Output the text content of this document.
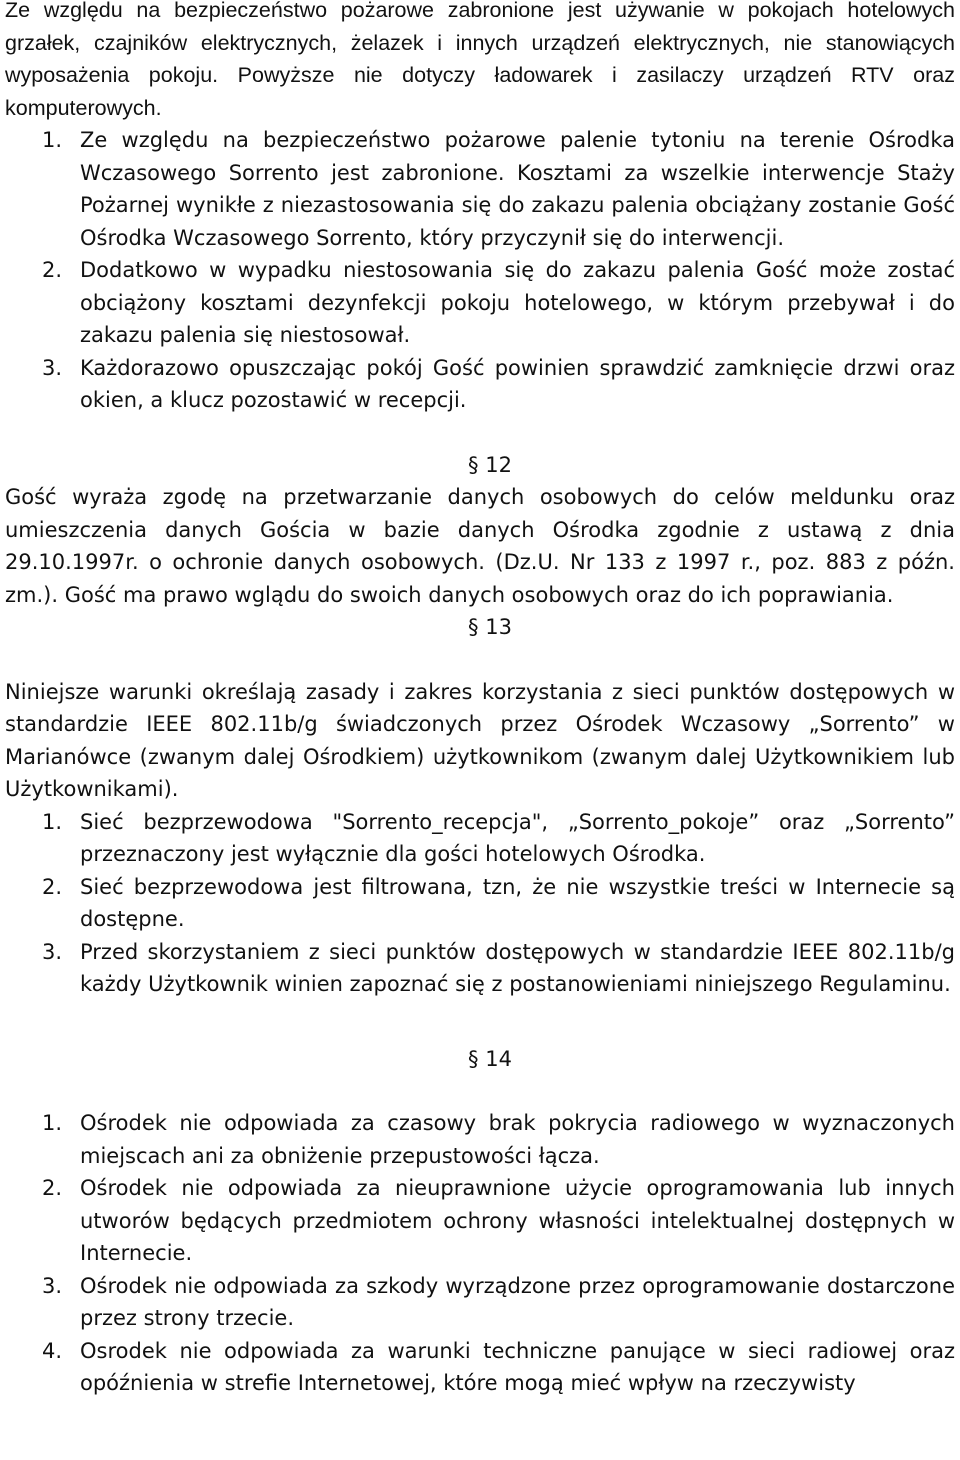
Ze względu na bezpieczeństwo pożarowe zabronione jest używanie w pokojach hotelowych grzałek, czajników elektrycznych, żelazek i innych urządzeń elektrycznych, nie stanowiących wyposażenia pokoju. Powyższe nie dotyczy ładowarek i zasilaczy urządzeń RTV oraz komputerowych.

1. Ze względu na bezpieczeństwo pożarowe palenie tytoniu na terenie Ośrodka Wczasowego Sorrento jest zabronione. Kosztami za wszelkie interwencje Staży Pożarnej wynikłe z niezastosowania się do zakazu palenia obciążany zostanie Gość Ośrodka Wczasowego Sorrento, który przyczynił się do interwencji.
2. Dodatkowo w wypadku niestosowania się do zakazu palenia Gość może zostać obciążony kosztami dezynfekcji pokoju hotelowego, w którym przebywał i do zakazu palenia się niestosował.
3. Każdorazowo opuszczając pokój Gość powinien sprawdzić zamknięcie drzwi oraz okien, a klucz pozostawić w recepcji.

§ 12

Gość wyraża zgodę na przetwarzanie danych osobowych do celów meldunku oraz umieszczenia danych Gościa w bazie danych Ośrodka zgodnie z ustawą z dnia 29.10.1997r. o ochronie danych osobowych. (Dz.U. Nr 133 z 1997 r., poz. 883 z późn. zm.). Gość ma prawo wglądu do swoich danych osobowych oraz do ich poprawiania.

§ 13

Niniejsze warunki określają zasady i zakres korzystania z sieci punktów dostępowych w standardzie IEEE 802.11b/g świadczonych przez Ośrodek Wczasowy „Sorrento” w Marianówce (zwanym dalej Ośrodkiem) użytkownikom (zwanym dalej Użytkownikiem lub Użytkownikami).

1. Sieć bezprzewodowa "Sorrento_recepcja", „Sorrento_pokoje” oraz „Sorrento” przeznaczony jest wyłącznie dla gości hotelowych Ośrodka.
2. Sieć bezprzewodowa jest filtrowana, tzn, że nie wszystkie treści w Internecie są dostępne.
3. Przed skorzystaniem z sieci punktów dostępowych w standardzie IEEE 802.11b/g każdy Użytkownik winien zapoznać się z postanowieniami niniejszego Regulaminu.

§ 14

1. Ośrodek nie odpowiada za czasowy brak pokrycia radiowego w wyznaczonych miejscach ani za obniżenie przepustowości łącza.
2. Ośrodek nie odpowiada za nieuprawnione użycie oprogramowania lub innych utworów będących przedmiotem ochrony własności intelektualnej dostępnych w Internecie.
3. Ośrodek nie odpowiada za szkody wyrządzone przez oprogramowanie dostarczone przez strony trzecie.
4. Osrodek nie odpowiada za warunki techniczne panujące w sieci radiowej oraz opóźnienia w strefie Internetowej, które mogą mieć wpływ na rzeczywisty
